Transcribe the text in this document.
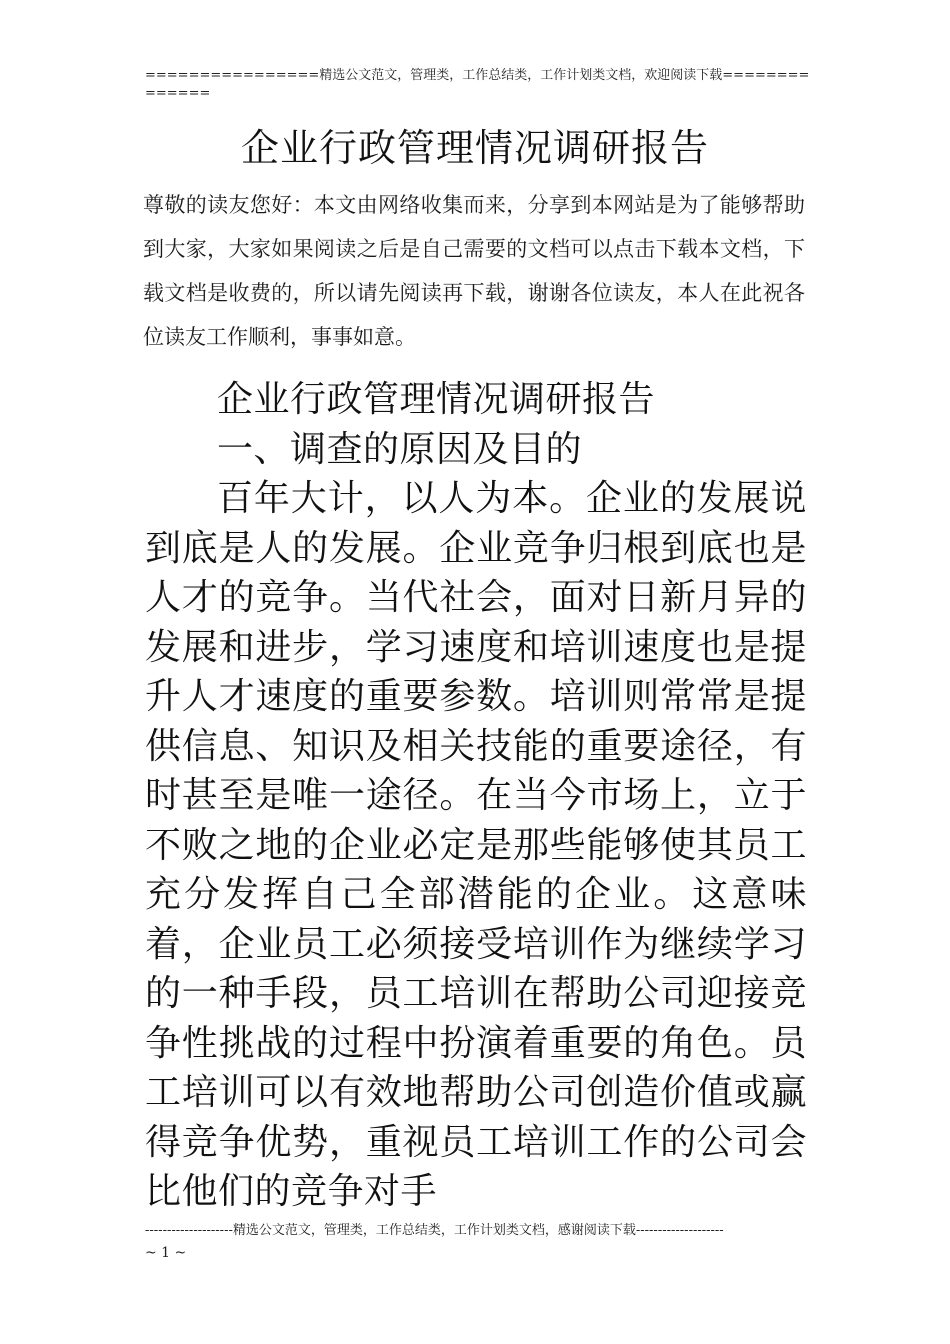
================精选公文范文，管理类，工作总结类，工作计划类文档，欢迎阅读下载==============
企业行政管理情况调研报告
尊敬的读友您好：本文由网络收集而来，分享到本网站是为了能够帮助到大家，大家如果阅读之后是自己需要的文档可以点击下载本文档，下载文档是收费的，所以请先阅读再下载，谢谢各位读友，本人在此祝各位读友工作顺利，事事如意。

企业行政管理情况调研报告

一、调查的原因及目的

百年大计，以人为本。企业的发展说到底是人的发展。企业竞争归根到底也是人才的竞争。当代社会，面对日新月异的发展和进步，学习速度和培训速度也是提升人才速度的重要参数。培训则常常是提供信息、知识及相关技能的重要途径，有时甚至是唯一途径。在当今市场上，立于不败之地的企业必定是那些能够使其员工充分发挥自己全部潜能的企业。这意味着，企业员工必须接受培训作为继续学习的一种手段，员工培训在帮助公司迎接竞争性挑战的过程中扮演着重要的角色。员工培训可以有效地帮助公司创造价值或赢得竞争优势，重视员工培训工作的公司会比他们的竞争对手

--------------------精选公文范文，管理类，工作总结类，工作计划类文档，感谢阅读下载--------------------
~ 1 ~
